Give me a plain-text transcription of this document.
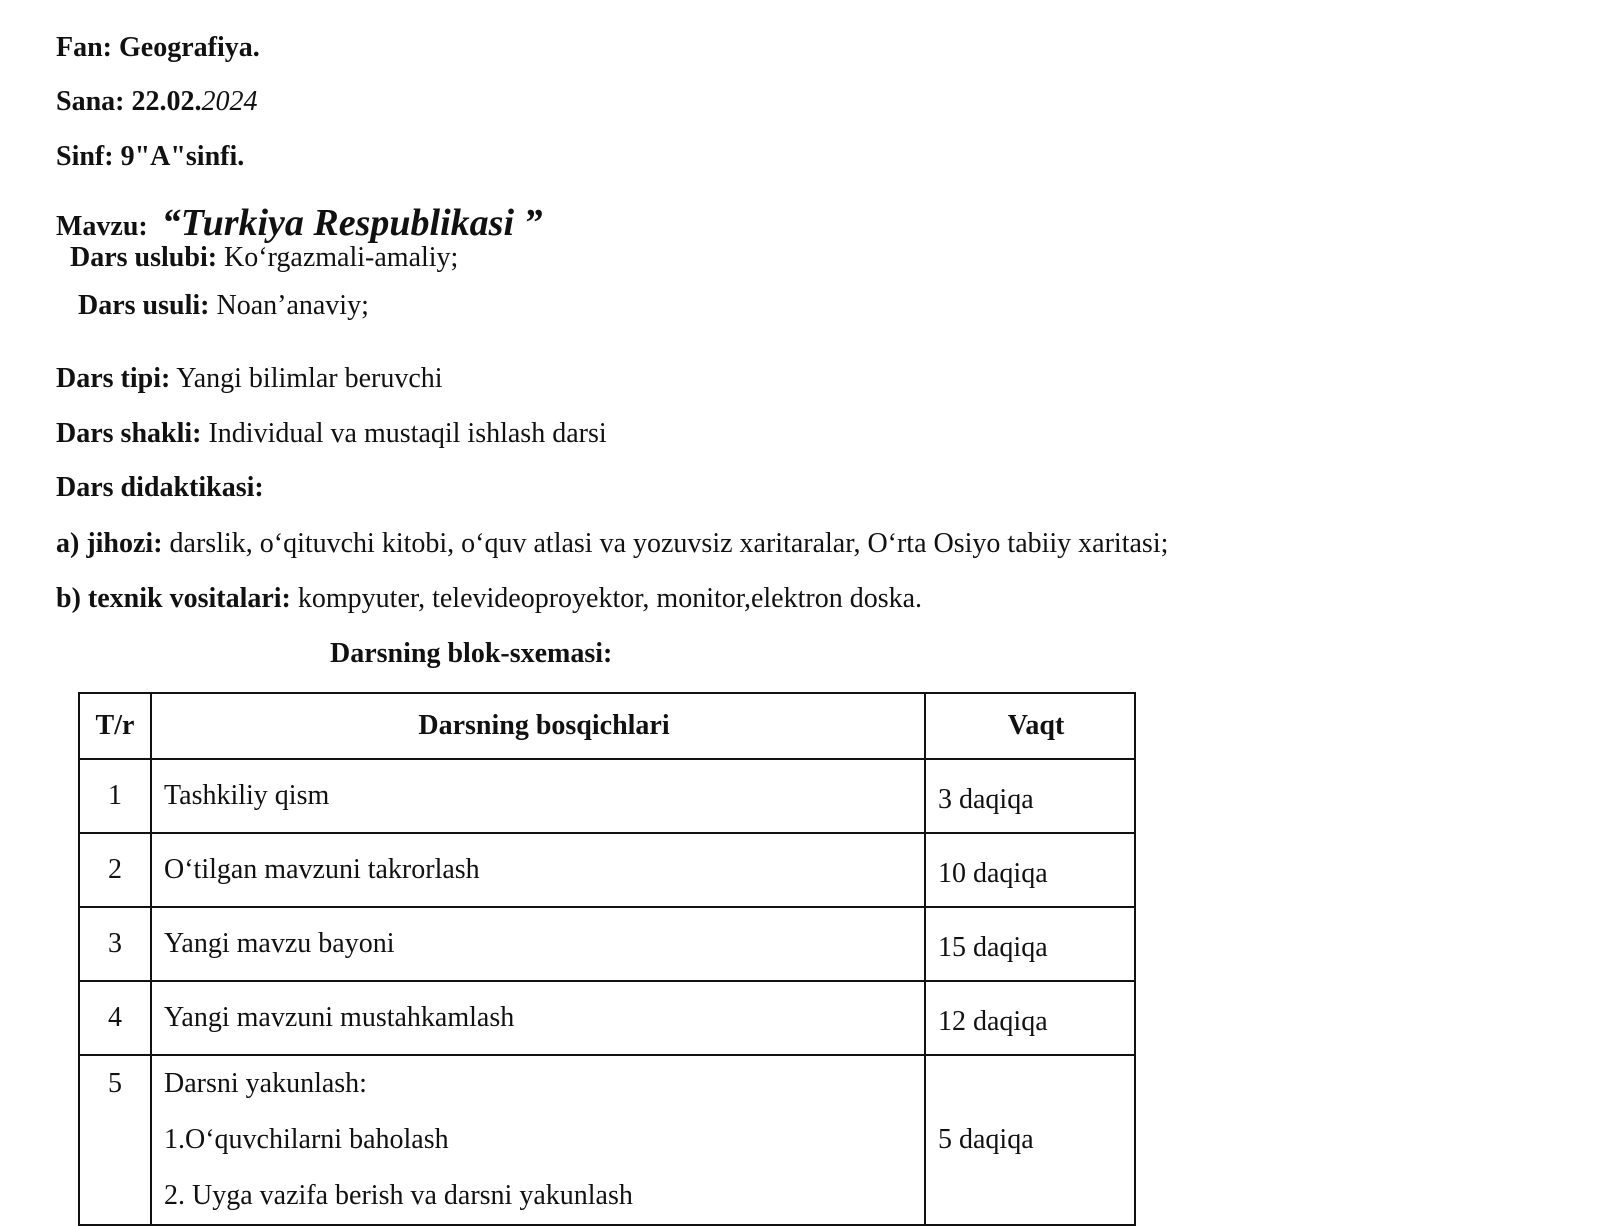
Fan: Geografiya.
Sana: 22.02.2024
Sinf: 9"A"sinfi.
Mavzu: “Turkiya Respublikasi ”
Dars uslubi: Ko‘rgazmali-amaliy;
Dars usuli: Noan’anaviy;
Dars tipi: Yangi bilimlar beruvchi
Dars shakli: Individual va mustaqil ishlash darsi
Dars didaktikasi:
a) jihozi: darslik, o‘qituvchi kitobi, o‘quv atlasi va yozuvsiz xaritaralar, O‘rta Osiyo tabiiy xaritasi;
b) texnik vositalari: kompyuter, televideoproyektor, monitor,elektron doska.
Darsning blok-sxemasi:
T/r	Darsning bosqichlari	Vaqt
1	Tashkiliy qism	3 daqiqa
2	O‘tilgan mavzuni takrorlash	10 daqiqa
3	Yangi mavzu bayoni	15 daqiqa
4	Yangi mavzuni mustahkamlash	12 daqiqa
5	Darsni yakunlash:
1.O‘quvchilarni baholash
2. Uyga vazifa berish va darsni yakunlash	5 daqiqa
